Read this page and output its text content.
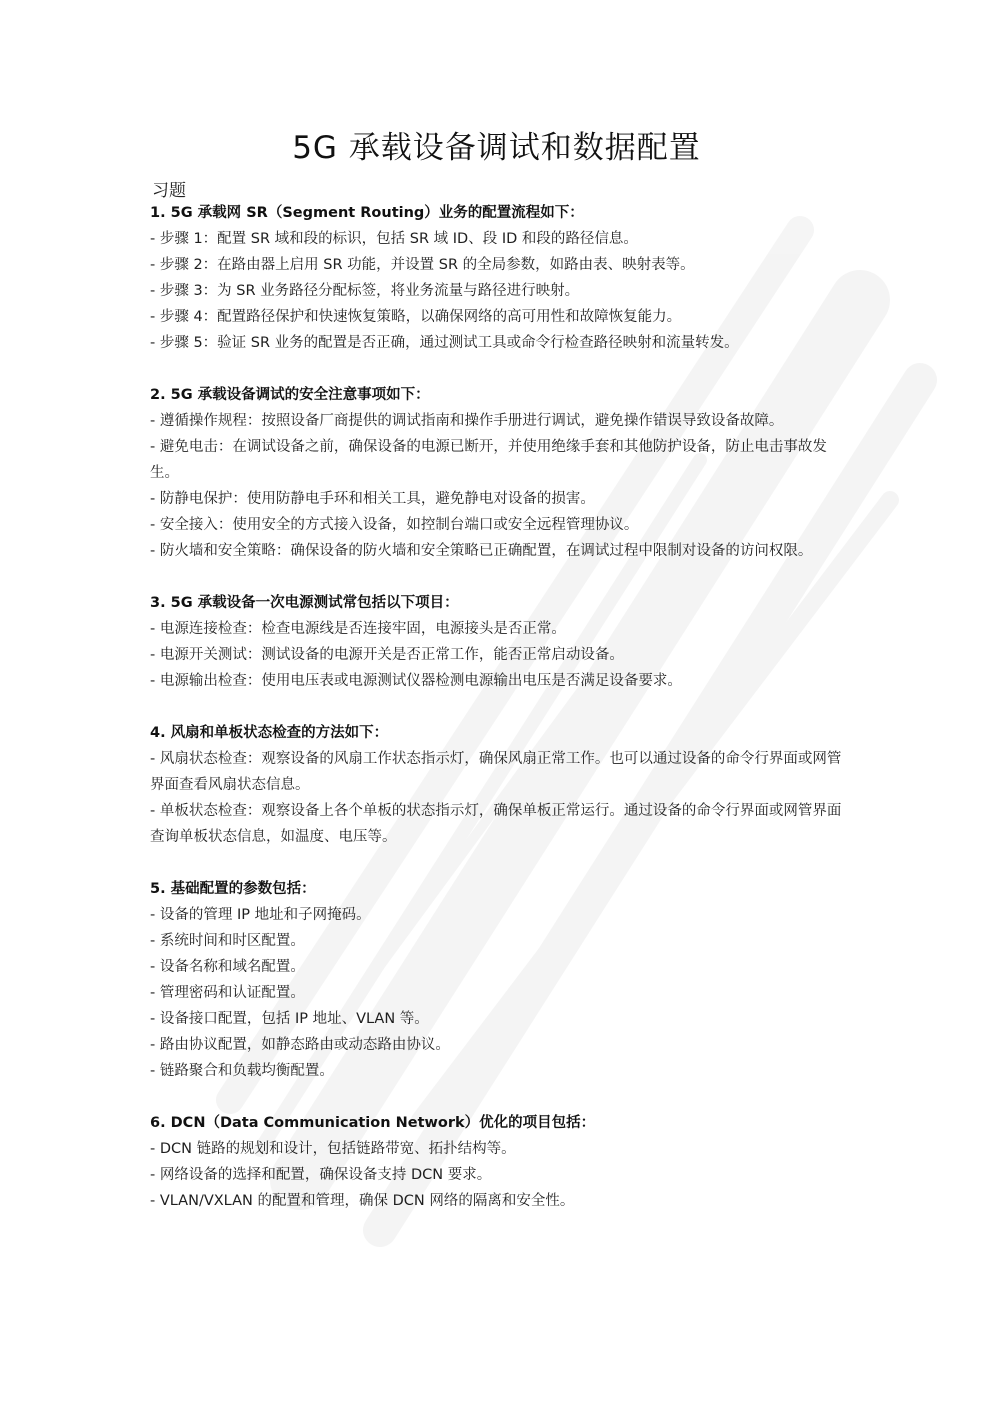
5G 承载设备调试和数据配置
习题
1. 5G 承载网 SR（Segment Routing）业务的配置流程如下：
- 步骤 1：配置 SR 域和段的标识，包括 SR 域 ID、段 ID 和段的路径信息。
- 步骤 2：在路由器上启用 SR 功能，并设置 SR 的全局参数，如路由表、映射表等。
- 步骤 3：为 SR 业务路径分配标签，将业务流量与路径进行映射。
- 步骤 4：配置路径保护和快速恢复策略，以确保网络的高可用性和故障恢复能力。
- 步骤 5：验证 SR 业务的配置是否正确，通过测试工具或命令行检查路径映射和流量转发。
2. 5G 承载设备调试的安全注意事项如下：
- 遵循操作规程：按照设备厂商提供的调试指南和操作手册进行调试，避免操作错误导致设备故障。
- 避免电击：在调试设备之前，确保设备的电源已断开，并使用绝缘手套和其他防护设备，防止电击事故发生。
- 防静电保护：使用防静电手环和相关工具，避免静电对设备的损害。
- 安全接入：使用安全的方式接入设备，如控制台端口或安全远程管理协议。
- 防火墙和安全策略：确保设备的防火墙和安全策略已正确配置，在调试过程中限制对设备的访问权限。
3. 5G 承载设备一次电源测试常包括以下项目：
- 电源连接检查：检查电源线是否连接牢固，电源接头是否正常。
- 电源开关测试：测试设备的电源开关是否正常工作，能否正常启动设备。
- 电源输出检查：使用电压表或电源测试仪器检测电源输出电压是否满足设备要求。
4. 风扇和单板状态检查的方法如下：
- 风扇状态检查：观察设备的风扇工作状态指示灯，确保风扇正常工作。也可以通过设备的命令行界面或网管界面查看风扇状态信息。
- 单板状态检查：观察设备上各个单板的状态指示灯，确保单板正常运行。通过设备的命令行界面或网管界面查询单板状态信息，如温度、电压等。
5. 基础配置的参数包括：
- 设备的管理 IP 地址和子网掩码。
- 系统时间和时区配置。
- 设备名称和域名配置。
- 管理密码和认证配置。
- 设备接口配置，包括 IP 地址、VLAN 等。
- 路由协议配置，如静态路由或动态路由协议。
- 链路聚合和负载均衡配置。
6. DCN（Data Communication Network）优化的项目包括：
- DCN 链路的规划和设计，包括链路带宽、拓扑结构等。
- 网络设备的选择和配置，确保设备支持 DCN 要求。
- VLAN/VXLAN 的配置和管理，确保 DCN 网络的隔离和安全性。
